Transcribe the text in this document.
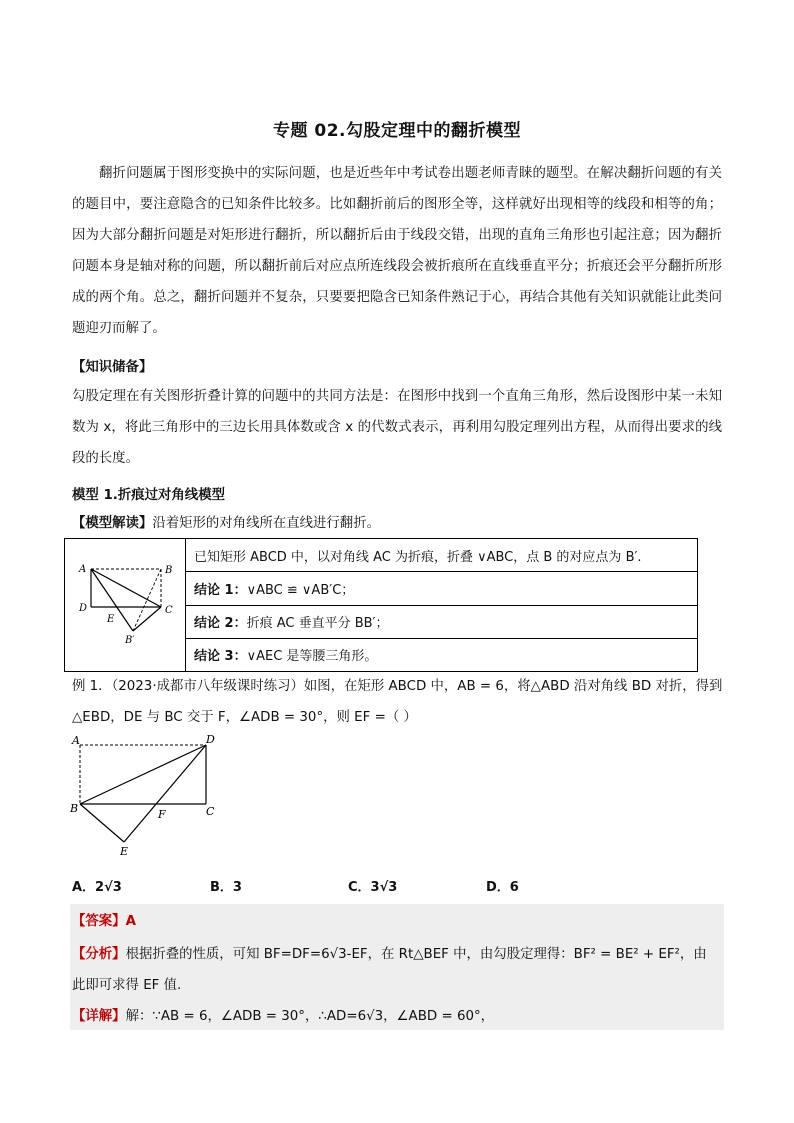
专题 02.勾股定理中的翻折模型

翻折问题属于图形变换中的实际问题，也是近些年中考试卷出题老师青睐的题型。在解决翻折问题的有关的题目中，要注意隐含的已知条件比较多。比如翻折前后的图形全等，这样就好出现相等的线段和相等的角；因为大部分翻折问题是对矩形进行翻折，所以翻折后由于线段交错，出现的直角三角形也引起注意；因为翻折问题本身是轴对称的问题，所以翻折前后对应点所连线段会被折痕所在直线垂直平分；折痕还会平分翻折所形成的两个角。总之，翻折问题并不复杂，只要要把隐含已知条件熟记于心，再结合其他有关知识就能让此类问题迎刃而解了。

【知识储备】

勾股定理在有关图形折叠计算的问题中的共同方法是：在图形中找到一个直角三角形，然后设图形中某一未知数为 x，将此三角形中的三边长用具体数或含 x 的代数式表示，再利用勾股定理列出方程，从而得出要求的线段的长度。

模型 1.折痕过对角线模型
【模型解读】沿着矩形的对角线所在直线进行翻折。
A	B
C
D
E
B′
	已知矩形 ABCD 中，以对角线 AC 为折痕，折叠 ∨ABC，点 B 的对应点为 B′.
结论 1：∨ABC ≌ ∨AB′C；
结论 2：折痕 AC 垂直平分 BB′；
结论 3：∨AEC 是等腰三角形。
例 1．（2023·成都市八年级课时练习）如图，在矩形 ABCD 中，AB = 6，将△ABD 沿对角线 BD 对折，得到
△EBD，DE 与 BC 交于 F，∠ADB = 30°，则 EF =（ ）
A	D
B	C
F
E
A．2√3	B．3	C．3√3	D．6
【答案】A
【分析】根据折叠的性质，可知 BF=DF=6√3-EF，在 Rt△BEF 中，由勾股定理得：BF² = BE² + EF²，由
此即可求得 EF 值.
【详解】解：∵AB = 6，∠ADB = 30°，∴AD=6√3，∠ABD = 60°，
